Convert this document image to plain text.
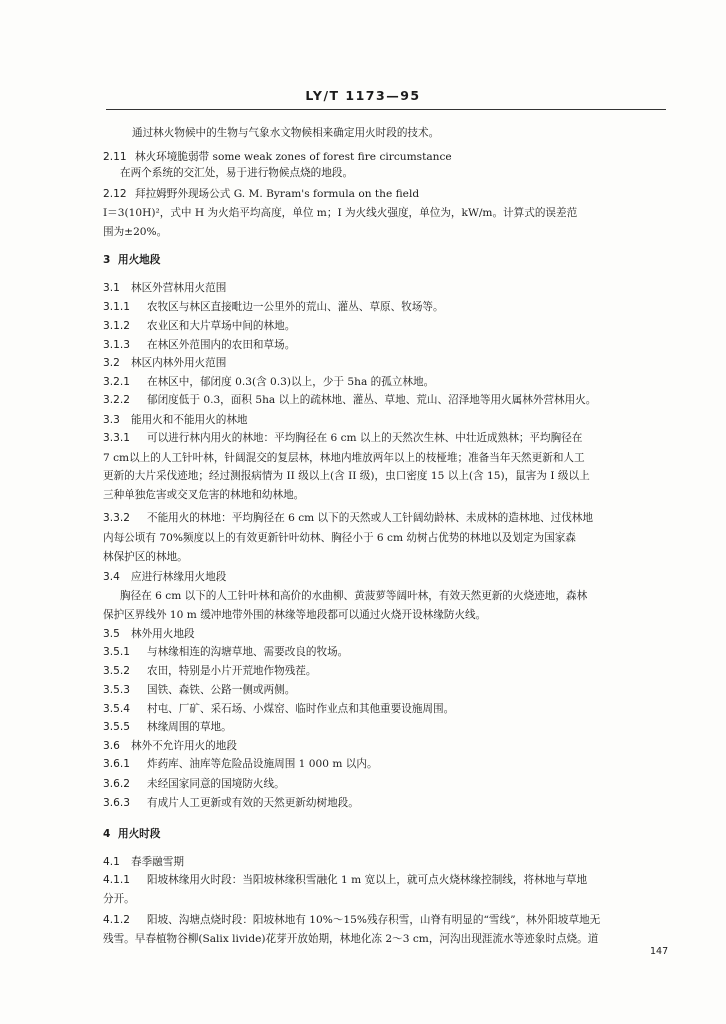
LY/T 1173—95
通过林火物候中的生物与气象水文物候相来确定用火时段的技术。
2.11 林火环境脆弱带 some weak zones of forest fire circumstance
在两个系统的交汇处，易于进行物候点烧的地段。
2.12 拜拉姆野外现场公式 G. M. Byram's formula on the field
I＝3(10H)²，式中 H 为火焰平均高度，单位 m；I 为火线火强度，单位为，kW/m。计算式的误差范
围为±20%。
3 用火地段
3.1 林区外营林用火范围
3.1.1 农牧区与林区直接毗边一公里外的荒山、灌丛、草原、牧场等。
3.1.2 农业区和大片草场中间的林地。
3.1.3 在林区外范围内的农田和草场。
3.2 林区内林外用火范围
3.2.1 在林区中，郁闭度 0.3(含 0.3)以上，少于 5ha 的孤立林地。
3.2.2 郁闭度低于 0.3，面积 5ha 以上的疏林地、灌丛、草地、荒山、沼泽地等用火属林外营林用火。
3.3 能用火和不能用火的林地
3.3.1 可以进行林内用火的林地：平均胸径在 6 cm 以上的天然次生林、中壮近成熟林；平均胸径在
7 cm以上的人工针叶林，针阔混交的复层林，林地内堆放两年以上的枝桠堆；准备当年天然更新和人工
更新的大片采伐迹地；经过测报病情为 II 级以上(含 II 级)，虫口密度 15 以上(含 15)，鼠害为 I 级以上
三种单独危害或交叉危害的林地和幼林地。
3.3.2 不能用火的林地：平均胸径在 6 cm 以下的天然或人工针阔幼龄林、未成林的造林地、过伐林地
内每公顷有 70%频度以上的有效更新针叶幼林、胸径小于 6 cm 幼树占优势的林地以及划定为国家森
林保护区的林地。
3.4 应进行林缘用火地段
胸径在 6 cm 以下的人工针叶林和高价的水曲柳、黄菠萝等阔叶林，有效天然更新的火烧迹地，森林
保护区界线外 10 m 缓冲地带外围的林缘等地段都可以通过火烧开设林缘防火线。
3.5 林外用火地段
3.5.1 与林缘相连的沟塘草地、需要改良的牧场。
3.5.2 农田，特别是小片开荒地作物残茬。
3.5.3 国铁、森铁、公路一侧或两侧。
3.5.4 村屯、厂矿、采石场、小煤窑、临时作业点和其他重要设施周围。
3.5.5 林缘周围的草地。
3.6 林外不允许用火的地段
3.6.1 炸药库、油库等危险品设施周围 1 000 m 以内。
3.6.2 未经国家同意的国境防火线。
3.6.3 有成片人工更新或有效的天然更新幼树地段。
4 用火时段
4.1 春季融雪期
4.1.1 阳坡林缘用火时段：当阳坡林缘积雪融化 1 m 宽以上，就可点火烧林缘控制线，将林地与草地
分开。
4.1.2 阳坡、沟塘点烧时段：阳坡林地有 10%～15%残存积雪，山脊有明显的“雪线”，林外阳坡草地无
残雪。早春植物谷柳(Salix livide)花芽开放始期，林地化冻 2～3 cm，河沟出现涯流水等迹象时点烧。道
147
